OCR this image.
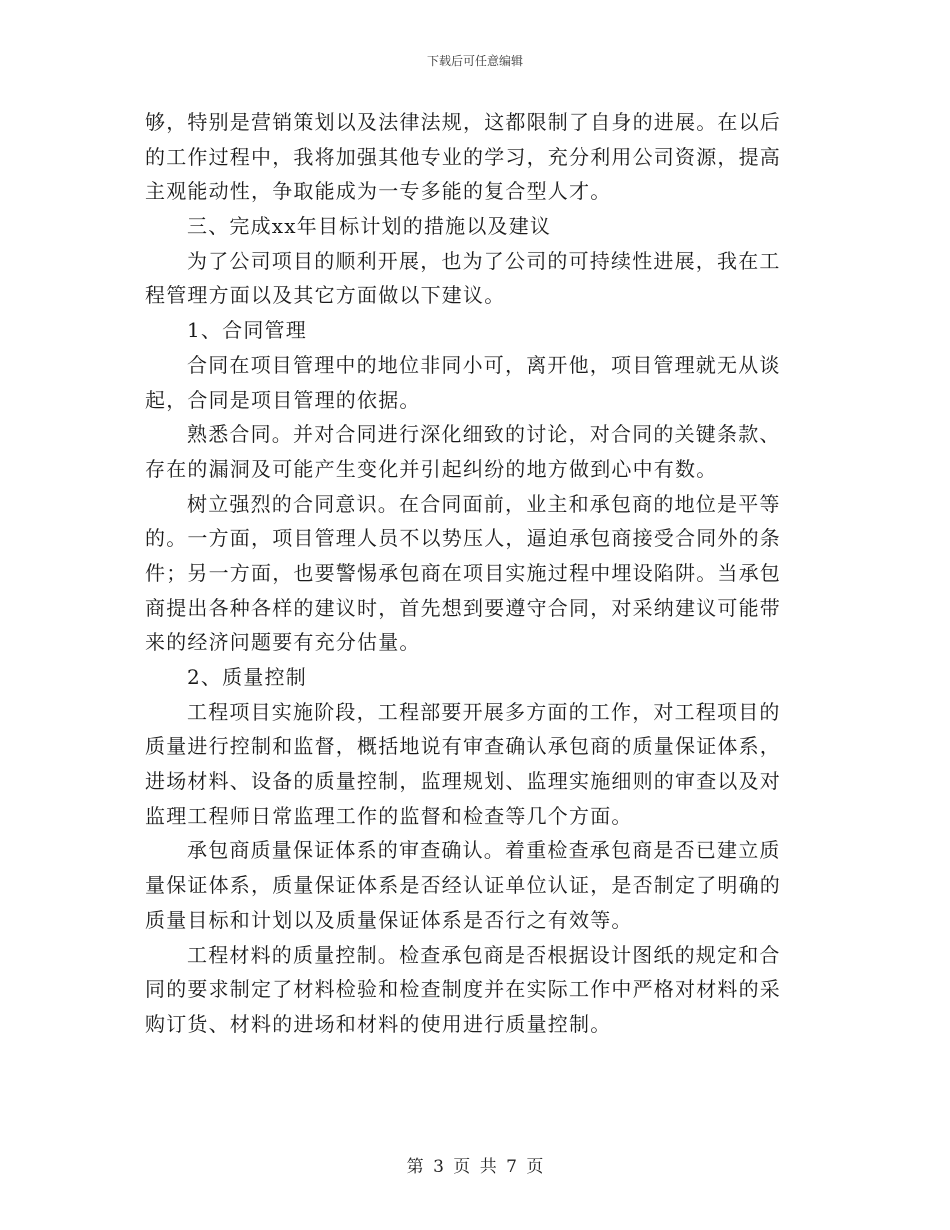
下载后可任意编辑
够，特别是营销策划以及法律法规，这都限制了自身的进展。在以后
的工作过程中，我将加强其他专业的学习，充分利用公司资源，提高
主观能动性，争取能成为一专多能的复合型人才。
三、完成xx年目标计划的措施以及建议
为了公司项目的顺利开展，也为了公司的可持续性进展，我在工
程管理方面以及其它方面做以下建议。
1、合同管理
合同在项目管理中的地位非同小可，离开他，项目管理就无从谈
起，合同是项目管理的依据。
熟悉合同。并对合同进行深化细致的讨论，对合同的关键条款、
存在的漏洞及可能产生变化并引起纠纷的地方做到心中有数。
树立强烈的合同意识。在合同面前，业主和承包商的地位是平等
的。一方面，项目管理人员不以势压人，逼迫承包商接受合同外的条
件；另一方面，也要警惕承包商在项目实施过程中埋设陷阱。当承包
商提出各种各样的建议时，首先想到要遵守合同，对采纳建议可能带
来的经济问题要有充分估量。
2、质量控制
工程项目实施阶段，工程部要开展多方面的工作，对工程项目的
质量进行控制和监督，概括地说有审查确认承包商的质量保证体系，
进场材料、设备的质量控制，监理规划、监理实施细则的审查以及对
监理工程师日常监理工作的监督和检查等几个方面。
承包商质量保证体系的审查确认。着重检查承包商是否已建立质
量保证体系，质量保证体系是否经认证单位认证，是否制定了明确的
质量目标和计划以及质量保证体系是否行之有效等。
工程材料的质量控制。检查承包商是否根据设计图纸的规定和合
同的要求制定了材料检验和检查制度并在实际工作中严格对材料的采
购订货、材料的进场和材料的使用进行质量控制。
第 3 页 共 7 页
